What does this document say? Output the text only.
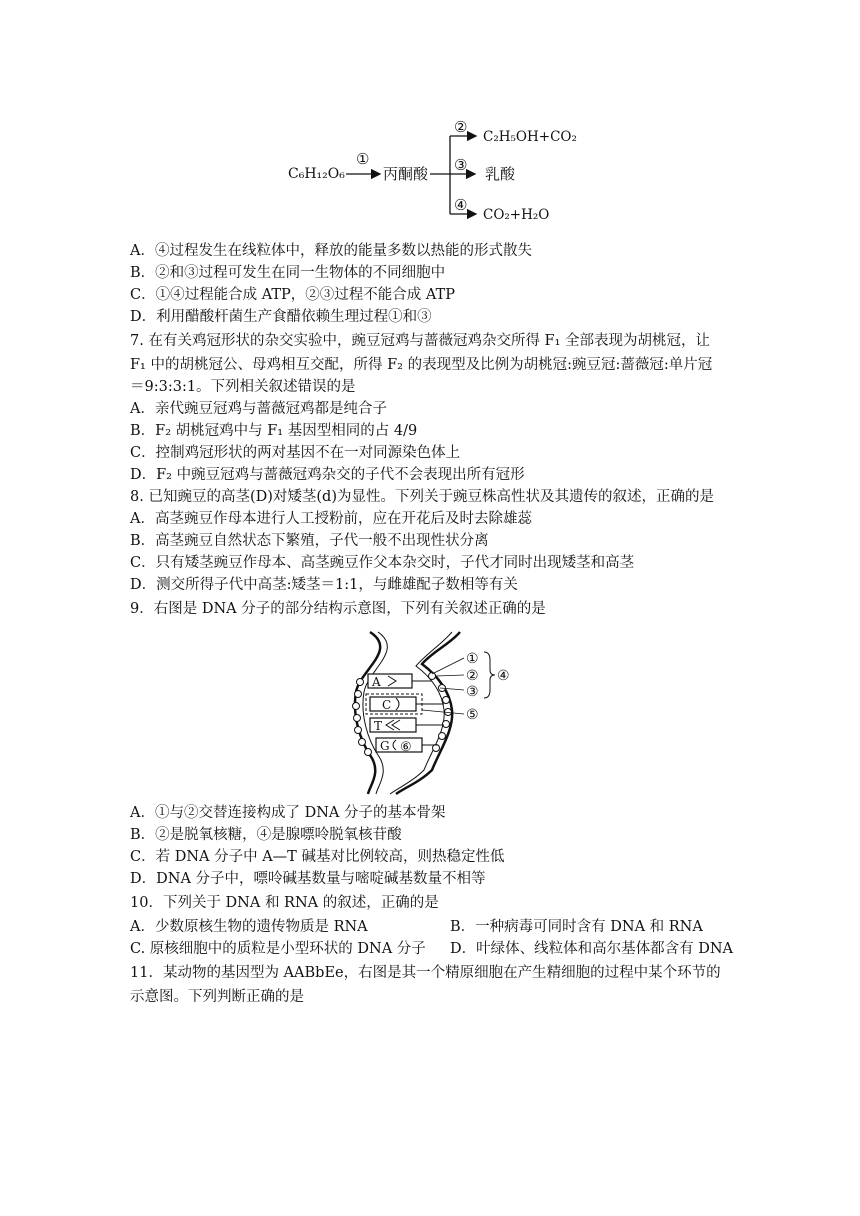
C₆H₁₂O₆
①
丙酮酸
②
③
④
C₂H₅OH+CO₂
乳酸
CO₂+H₂O
A．④过程发生在线粒体中，释放的能量多数以热能的形式散失
B．②和③过程可发生在同一生物体的不同细胞中
C．①④过程能合成 ATP，②③过程不能合成 ATP
D．利用醋酸杆菌生产食醋依赖生理过程①和③
7. 在有关鸡冠形状的杂交实验中，豌豆冠鸡与蔷薇冠鸡杂交所得 F₁ 全部表现为胡桃冠，让
F₁ 中的胡桃冠公、母鸡相互交配，所得 F₂ 的表现型及比例为胡桃冠:豌豆冠:蔷薇冠:单片冠
＝9:3:3:1。下列相关叙述错误的是
A．亲代豌豆冠鸡与蔷薇冠鸡都是纯合子
B．F₂ 胡桃冠鸡中与 F₁ 基因型相同的占 4/9
C．控制鸡冠形状的两对基因不在一对同源染色体上
D．F₂ 中豌豆冠鸡与蔷薇冠鸡杂交的子代不会表现出所有冠形
8. 已知豌豆的高茎(D)对矮茎(d)为显性。下列关于豌豆株高性状及其遗传的叙述，正确的是
A．高茎豌豆作母本进行人工授粉前，应在开花后及时去除雄蕊
B．高茎豌豆自然状态下繁殖，子代一般不出现性状分离
C．只有矮茎豌豆作母本、高茎豌豆作父本杂交时，子代才同时出现矮茎和高茎
D．测交所得子代中高茎:矮茎＝1:1，与雌雄配子数相等有关
9．右图是 DNA 分子的部分结构示意图，下列有关叙述正确的是
A
C
T
G ⑥
①
②
③
④
⑤
A．①与②交替连接构成了 DNA 分子的基本骨架
B．②是脱氧核糖，④是腺嘌呤脱氧核苷酸
C．若 DNA 分子中 A—T 碱基对比例较高，则热稳定性低
D．DNA 分子中，嘌呤碱基数量与嘧啶碱基数量不相等
10．下列关于 DNA 和 RNA 的叙述，正确的是
A．少数原核生物的遗传物质是 RNA	B．一种病毒可同时含有 DNA 和 RNA
C. 原核细胞中的质粒是小型环状的 DNA 分子 D．叶绿体、线粒体和高尔基体都含有 DNA
11．某动物的基因型为 AABbEe，右图是其一个精原细胞在产生精细胞的过程中某个环节的
示意图。下列判断正确的是
